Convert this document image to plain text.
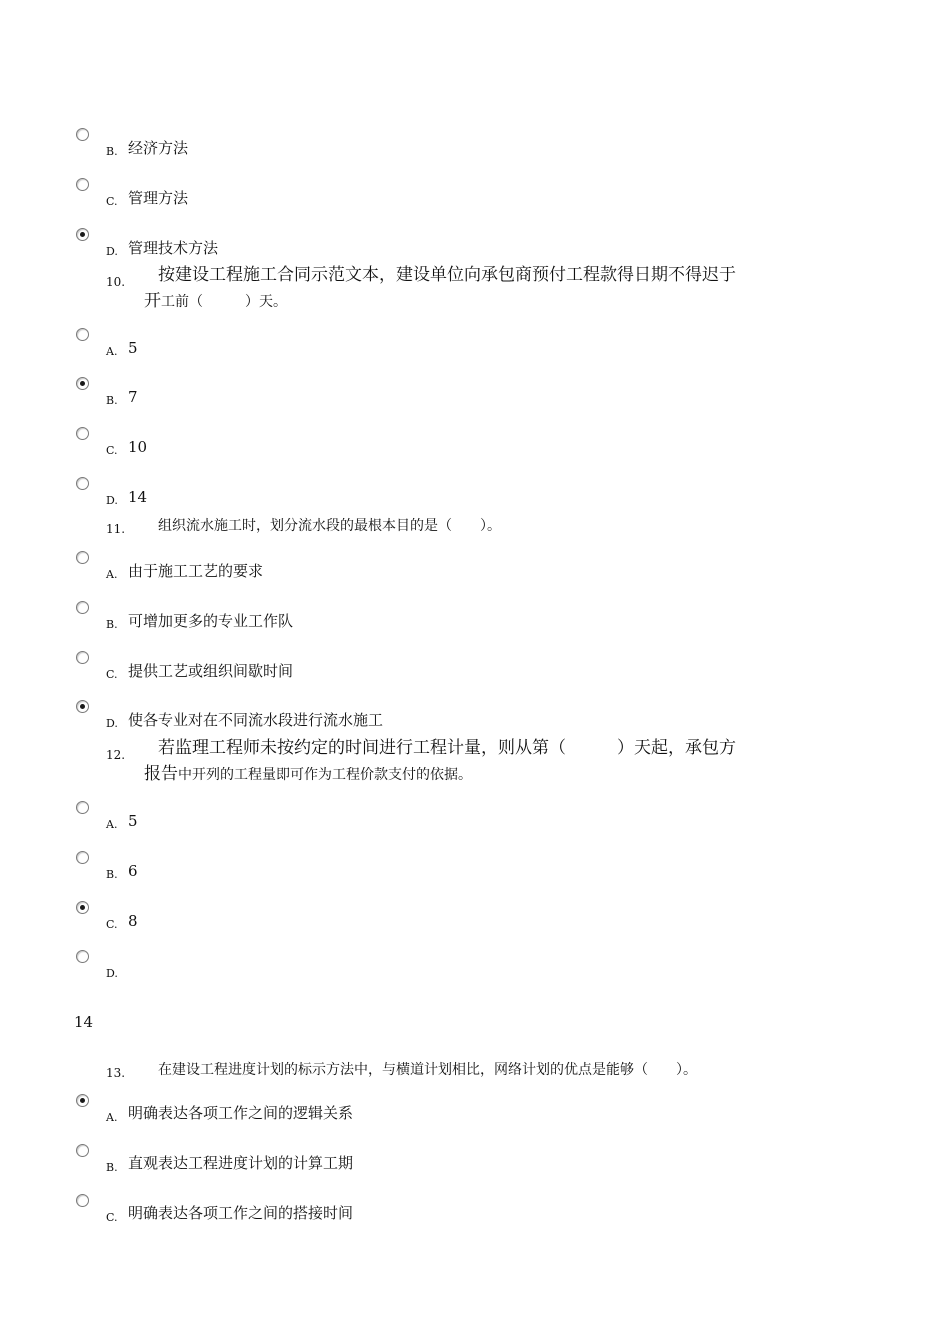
B. 经济方法
C. 管理方法
D. 管理技术方法
10. 按建设工程施工合同示范文本，建设单位向承包商预付工程款得日期不得迟于
开工前（　　　）天。
A. 5
B. 7
C. 10
D. 14
11. 组织流水施工时，划分流水段的最根本目的是（　　）。
A. 由于施工工艺的要求
B. 可增加更多的专业工作队
C. 提供工艺或组织间歇时间
D. 使各专业对在不同流水段进行流水施工
12. 若监理工程师未按约定的时间进行工程计量，则从第（　　　）天起，承包方
报告中开列的工程量即可作为工程价款支付的依据。
A. 5
B. 6
C. 8
D.
14
13. 在建设工程进度计划的标示方法中，与横道计划相比，网络计划的优点是能够（　　）。
A. 明确表达各项工作之间的逻辑关系
B. 直观表达工程进度计划的计算工期
C. 明确表达各项工作之间的搭接时间
